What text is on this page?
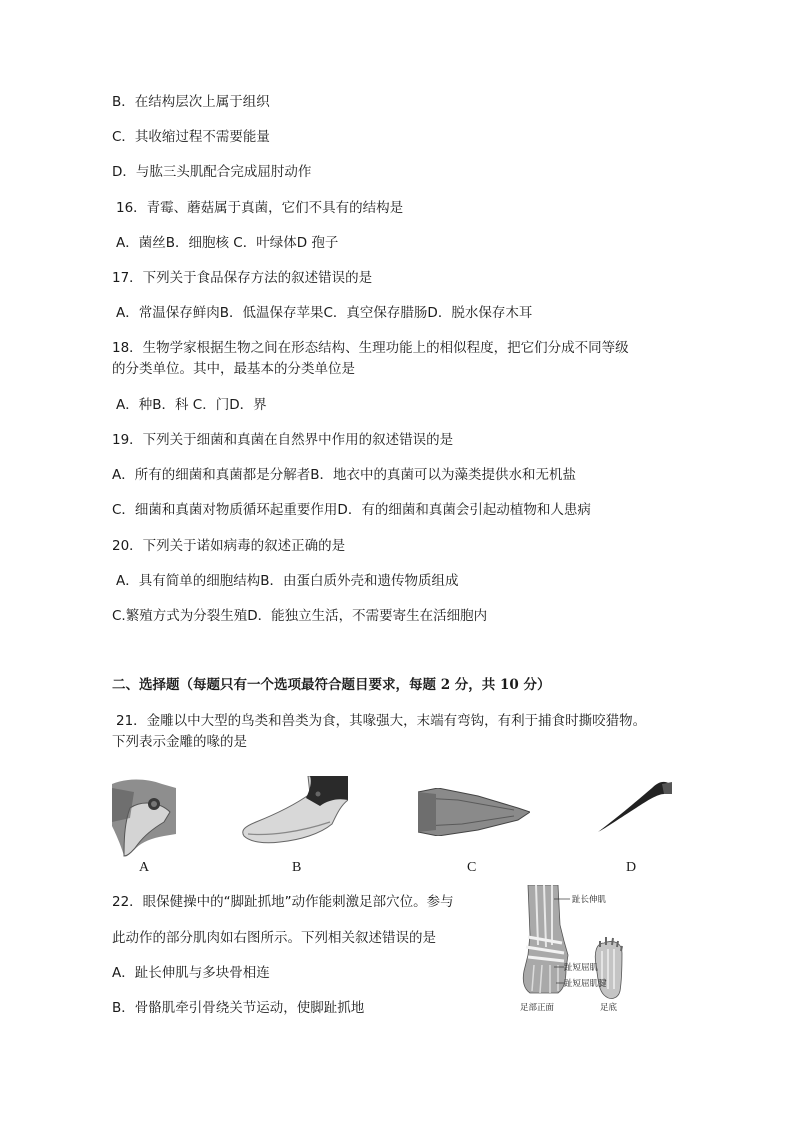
B．在结构层次上属于组织
C．其收缩过程不需要能量
D．与肱三头肌配合完成屈肘动作
16．青霉、蘑菇属于真菌，它们不具有的结构是
A．菌丝B．细胞核 C．叶绿体D 孢子
17．下列关于食品保存方法的叙述错误的是
A．常温保存鲜肉B．低温保存苹果C．真空保存腊肠D．脱水保存木耳
18．生物学家根据生物之间在形态结构、生理功能上的相似程度，把它们分成不同等级
的分类单位。其中，最基本的分类单位是
A．种B．科 C．门D．界
19．下列关于细菌和真菌在自然界中作用的叙述错误的是
A．所有的细菌和真菌都是分解者B．地衣中的真菌可以为藻类提供水和无机盐
C．细菌和真菌对物质循环起重要作用D．有的细菌和真菌会引起动植物和人患病
20．下列关于诺如病毒的叙述正确的是
A．具有简单的细胞结构B．由蛋白质外壳和遗传物质组成
C.繁殖方式为分裂生殖D．能独立生活，不需要寄生在活细胞内
二、选择题（每题只有一个选项最符合题目要求，每题 2 分，共 10 分）
21．金雕以中大型的鸟类和兽类为食，其喙强大，末端有弯钩，有利于捕食时撕咬猎物。
下列表示金雕的喙的是
A	B	C	D
22．眼保健操中的“脚趾抓地”动作能刺激足部穴位。参与
此动作的部分肌肉如右图所示。下列相关叙述错误的是
A．趾长伸肌与多块骨相连
B．骨骼肌牵引骨绕关节运动，使脚趾抓地
趾长伸肌
趾短屈肌
趾短屈肌腱
足部正面	足底
